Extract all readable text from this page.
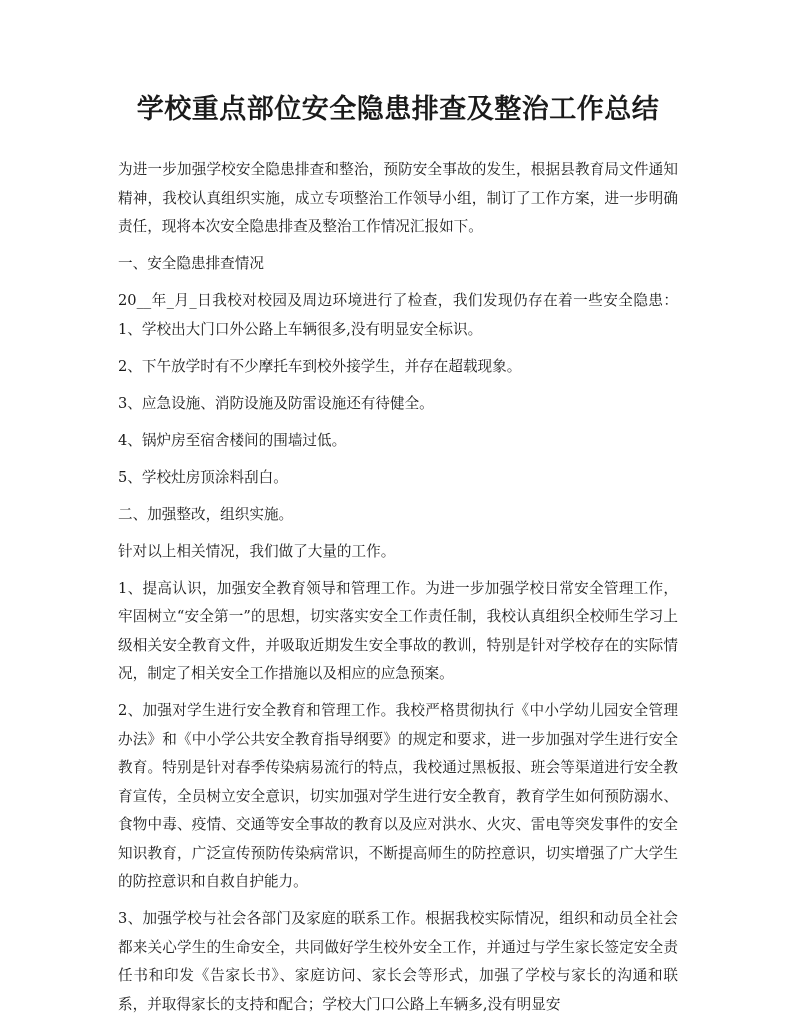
学校重点部位安全隐患排查及整治工作总结

为进一步加强学校安全隐患排查和整治，预防安全事故的发生，根据县教育局文件通知精神，我校认真组织实施，成立专项整治工作领导小组，制订了工作方案，进一步明确责任，现将本次安全隐患排查及整治工作情况汇报如下。

一、安全隐患排查情况

20__年_月_日我校对校园及周边环境进行了检查，我们发现仍存在着一些安全隐患：1、学校出大门口外公路上车辆很多,没有明显安全标识。

2、下午放学时有不少摩托车到校外接学生，并存在超载现象。

3、应急设施、消防设施及防雷设施还有待健全。

4、锅炉房至宿舍楼间的围墙过低。

5、学校灶房顶涂料刮白。

二、加强整改，组织实施。

针对以上相关情况，我们做了大量的工作。

1、提高认识，加强安全教育领导和管理工作。为进一步加强学校日常安全管理工作，牢固树立“安全第一”的思想，切实落实安全工作责任制，我校认真组织全校师生学习上级相关安全教育文件，并吸取近期发生安全事故的教训，特别是针对学校存在的实际情况，制定了相关安全工作措施以及相应的应急预案。

2、加强对学生进行安全教育和管理工作。我校严格贯彻执行《中小学幼儿园安全管理办法》和《中小学公共安全教育指导纲要》的规定和要求，进一步加强对学生进行安全教育。特别是针对春季传染病易流行的特点，我校通过黑板报、班会等渠道进行安全教育宣传，全员树立安全意识，切实加强对学生进行安全教育，教育学生如何预防溺水、食物中毒、疫情、交通等安全事故的教育以及应对洪水、火灾、雷电等突发事件的安全知识教育，广泛宣传预防传染病常识，不断提高师生的防控意识，切实增强了广大学生的防控意识和自救自护能力。

3、加强学校与社会各部门及家庭的联系工作。根据我校实际情况，组织和动员全社会都来关心学生的生命安全，共同做好学生校外安全工作，并通过与学生家长签定安全责任书和印发《告家长书》、家庭访问、家长会等形式，加强了学校与家长的沟通和联系，并取得家长的支持和配合；学校大门口公路上车辆多,没有明显安
